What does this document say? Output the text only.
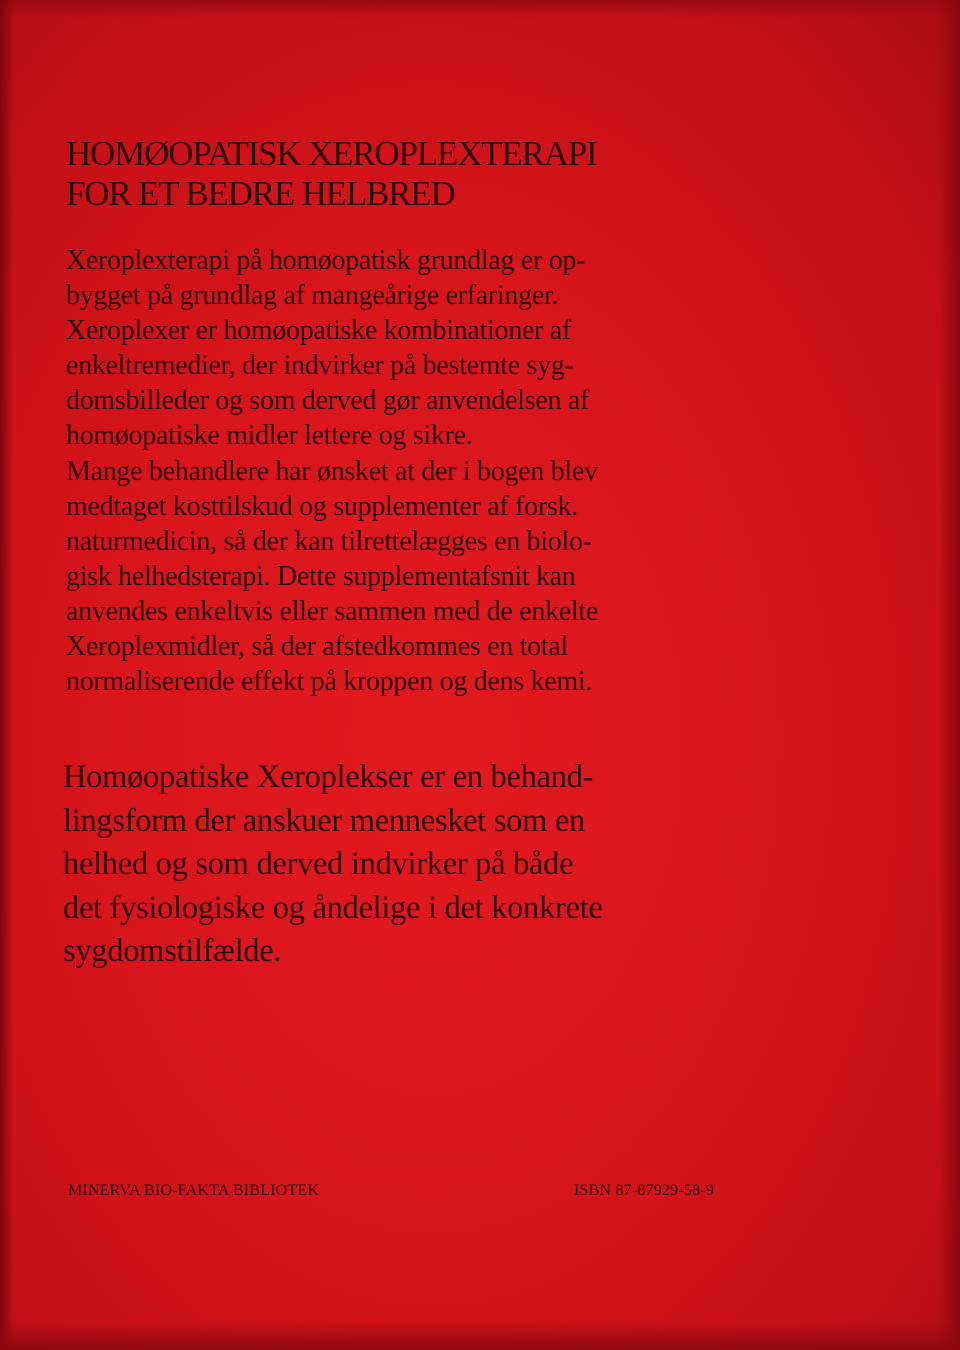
HOMØOPATISK XEROPLEXTERAPI
FOR ET BEDRE HELBRED

Xeroplexterapi på homøopatisk grundlag er op-
bygget på grundlag af mangeårige erfaringer.
Xeroplexer er homøopatiske kombinationer af
enkeltremedier, der indvirker på bestemte syg-
domsbilleder og som derved gør anvendelsen af
homøopatiske midler lettere og sikre.
Mange behandlere har ønsket at der i bogen blev
medtaget kosttilskud og supplementer af forsk.
naturmedicin, så der kan tilrettelægges en biolo-
gisk helhedsterapi. Dette supplementafsnit kan
anvendes enkeltvis eller sammen med de enkelte
Xeroplexmidler, så der afstedkommes en total
normaliserende effekt på kroppen og dens kemi.

Homøopatiske Xeroplekser er en behand-
lingsform der anskuer mennesket som en
helhed og som derved indvirker på både
det fysiologiske og åndelige i det konkrete
sygdomstilfælde.

MINERVA BIO-FAKTA BIBLIOTEK	ISBN 87-87929-58-9
